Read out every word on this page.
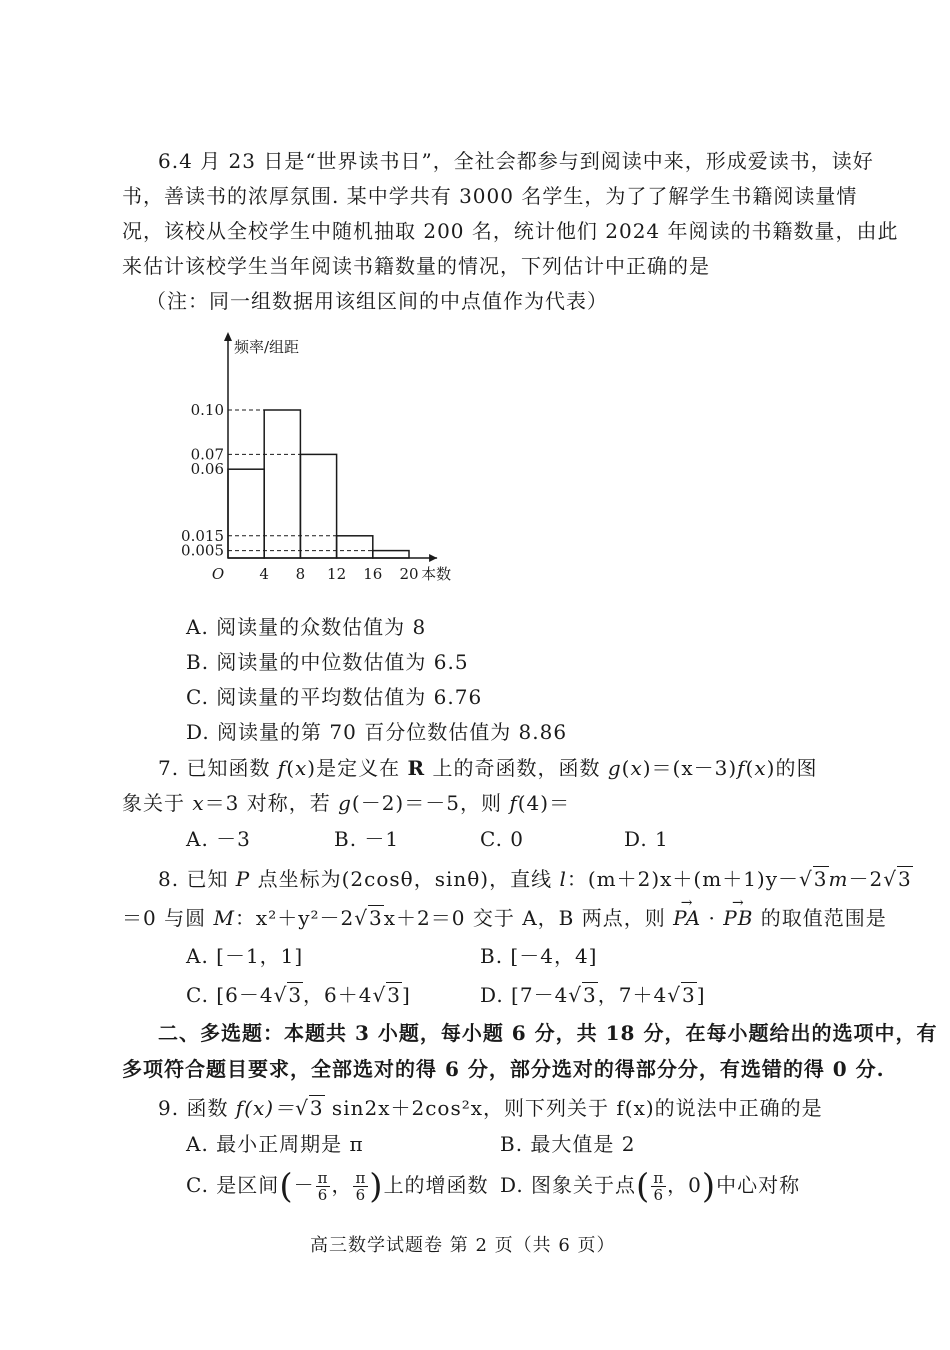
6.4 月 23 日是“世界读书日”，全社会都参与到阅读中来，形成爱读书，读好
书，善读书的浓厚氛围. 某中学共有 3000 名学生，为了了解学生书籍阅读量情
况，该校从全校学生中随机抽取 200 名，统计他们 2024 年阅读的书籍数量，由此
来估计该校学生当年阅读书籍数量的情况，下列估计中正确的是
（注：同一组数据用该组区间的中点值作为代表）
0.10
0.07
0.06
0.015
0.005
4 8 12 16 20
O	本数
频率/组距
A. 阅读量的众数估值为 8
B. 阅读量的中位数估值为 6.5
C. 阅读量的平均数估值为 6.76
D. 阅读量的第 70 百分位数估值为 8.86
7. 已知函数 f(x)是定义在 R 上的奇函数，函数 g(x)＝(x－3)f(x)的图
象关于 x＝3 对称，若 g(－2)＝－5，则 f(4)＝
A. －3	B. －1	C. 0	D. 1
8. 已知 P 点坐标为(2cosθ，sinθ)，直线 l：(m＋2)x＋(m＋1)y－√3m－2√3
＝0 与圆 M：x²＋y²－2√3x＋2＝0 交于 A，B 两点，则 → PA · → PB 的取值范围是
A. [－1，1]	B. [－4，4]
C. [6－4√3，6＋4√3]	D. [7－4√3，7＋4√3]
二、多选题：本题共 3 小题，每小题 6 分，共 18 分，在每小题给出的选项中，有
多项符合题目要求，全部选对的得 6 分，部分选对的得部分分，有选错的得 0 分.
9. 函数 f(x)＝√3 sin2x＋2cos²x，则下列关于 f(x)的说法中正确的是
A. 最小正周期是 π	B. 最大值是 2
C. 是区间(－ $\frac{\pi}{6}$ ， $\frac{\pi}{6}$ )上的增函数 D. 图象关于点( $\frac{\pi}{6}$ ，0)中心对称
高三数学试题卷 第 2 页（共 6 页）
